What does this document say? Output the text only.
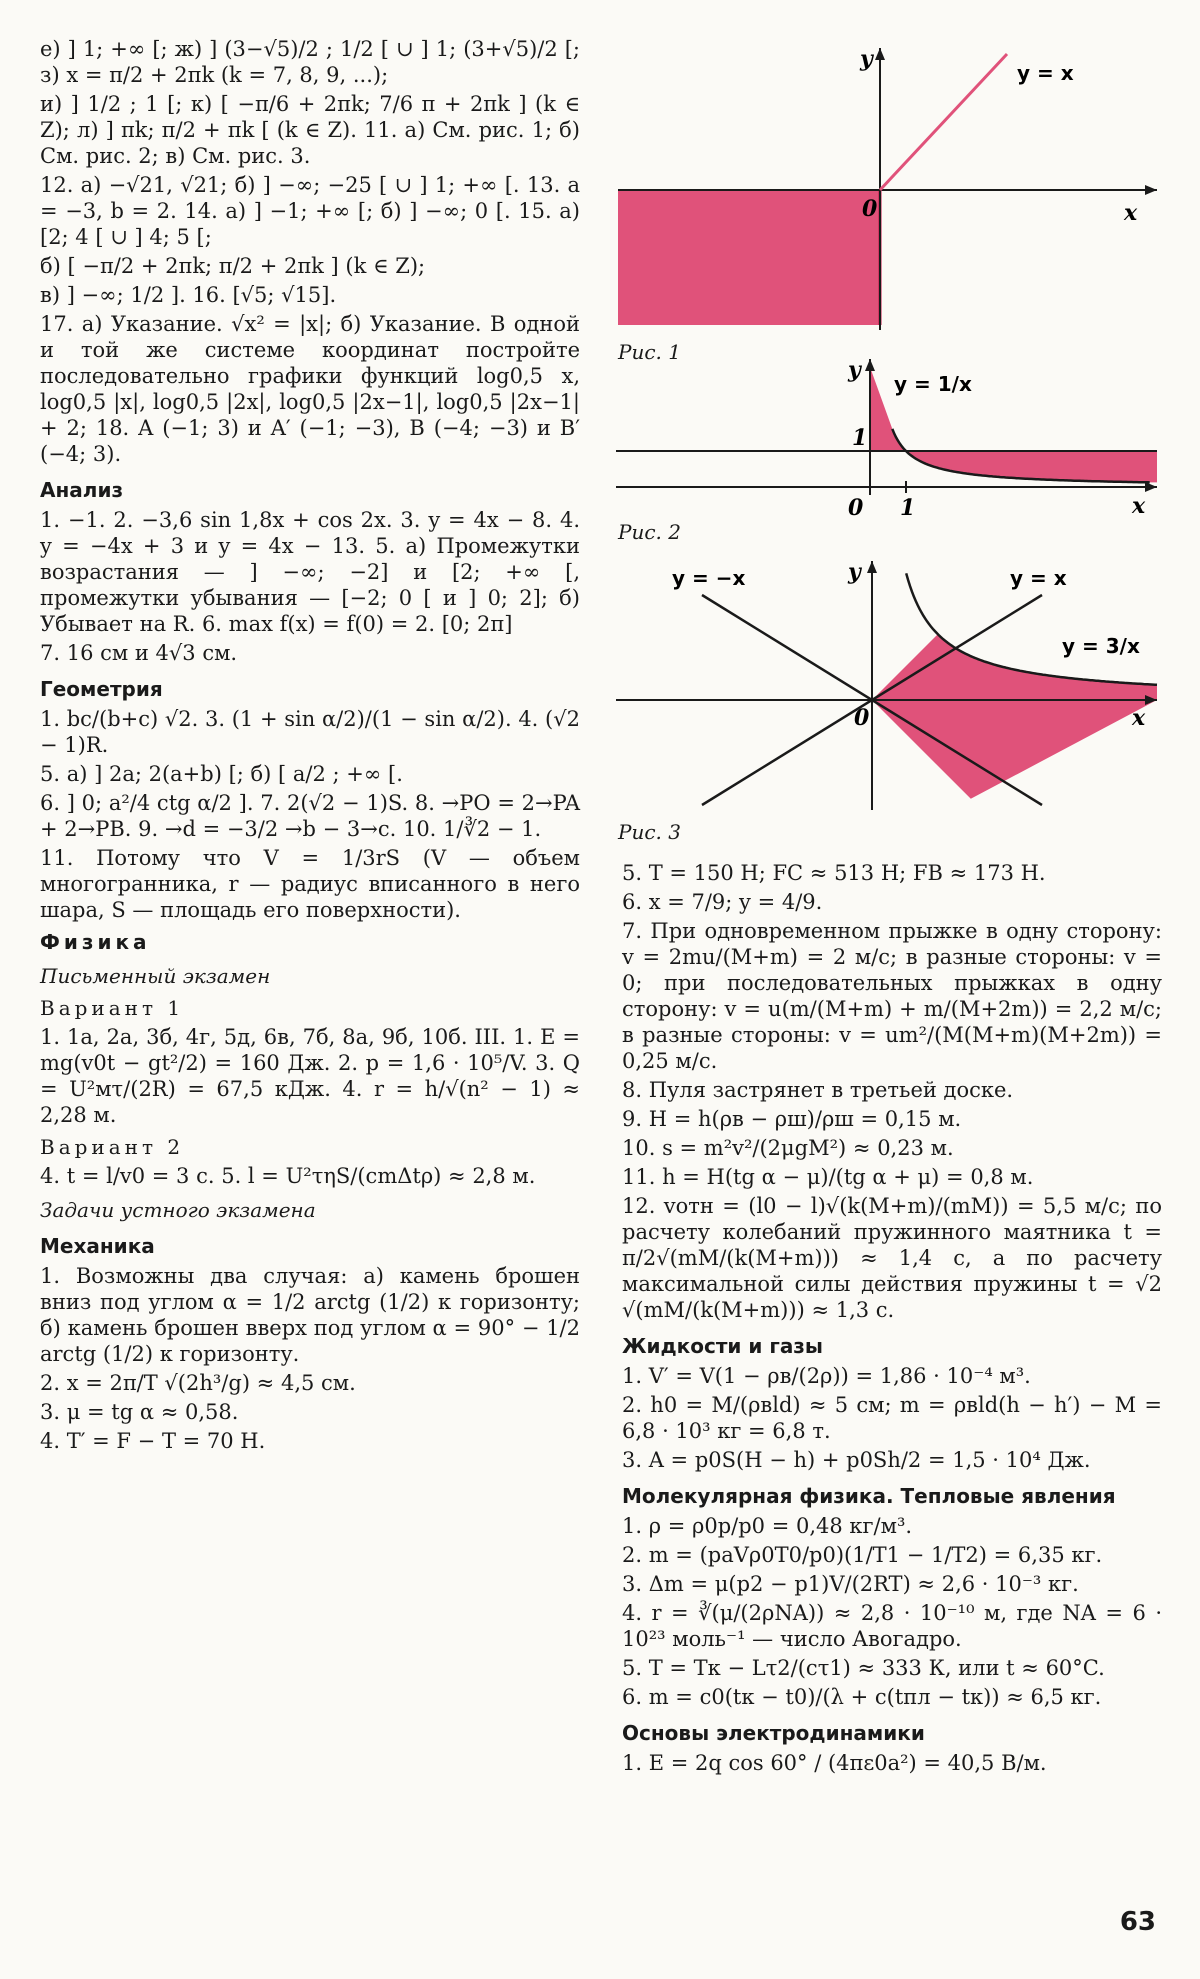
е) ] 1; +∞ [; ж) ] (3−√5)/2 ; 1/2 [ ∪ ] 1; (3+√5)/2 [; з) x = π/2 + 2πk (k = 7, 8, 9, ...);

и) ] 1/2 ; 1 [; к) [ −π/6 + 2πk; 7/6 π + 2πk ] (k ∈ Z); л) ] πk; π/2 + πk [ (k ∈ Z). 11. а) См. рис. 1; б) См. рис. 2; в) См. рис. 3.

12. а) −√21, √21; б) ] −∞; −25 [ ∪ ] 1; +∞ [. 13. a = −3, b = 2. 14. а) ] −1; +∞ [; б) ] −∞; 0 [. 15. а) [2; 4 [ ∪ ] 4; 5 [;

б) [ −π/2 + 2πk; π/2 + 2πk ] (k ∈ Z);

в) ] −∞; 1/2 ]. 16. [√5; √15].

17. а) Указание. √x² = |x|; б) Указание. В одной и той же системе координат постройте последовательно графики функций log0,5 x, log0,5 |x|, log0,5 |2x|, log0,5 |2x−1|, log0,5 |2x−1| + 2; 18. A (−1; 3) и A′ (−1; −3), B (−4; −3) и B′ (−4; 3).

Анализ

1. −1. 2. −3,6 sin 1,8x + cos 2x. 3. y = 4x − 8. 4. y = −4x + 3 и y = 4x − 13. 5. а) Промежутки возрастания — ] −∞; −2] и [2; +∞ [, промежутки убывания — [−2; 0 [ и ] 0; 2]; б) Убывает на R. 6. max f(x) = f(0) = 2. [0; 2π]

7. 16 см и 4√3 см.

Геометрия

1. bc/(b+c) √2. 3. (1 + sin α/2)/(1 − sin α/2). 4. (√2 − 1)R.

5. а) ] 2a; 2(a+b) [; б) [ a/2 ; +∞ [.

6. ] 0; a²/4 ctg α/2 ]. 7. 2(√2 − 1)S. 8. →PO = 2→PA + 2→PB. 9. →d = −3/2 →b − 3→c. 10. 1/∛2 − 1.

11. Потому что V = 1/3rS (V — объем многогранника, r — радиус вписанного в него шара, S — площадь его поверхности).

Физика
Письменный экзамен
Вариант 1

1. 1а, 2а, 3б, 4г, 5д, 6в, 7б, 8а, 9б, 10б. III. 1. E = mg(v0t − gt²/2) = 160 Дж. 2. p = 1,6 · 10⁵/V. 3. Q = U²мτ/(2R) = 67,5 кДж. 4. r = h/√(n² − 1) ≈ 2,28 м.

Вариант 2

4. t = l/v0 = 3 с. 5. l = U²τηS/(cmΔtρ) ≈ 2,8 м.

Задачи устного экзамена
Механика

1. Возможны два случая: а) камень брошен вниз под углом α = 1/2 arctg (1/2) к горизонту; б) камень брошен вверх под углом α = 90° − 1/2 arctg (1/2) к горизонту.

2. x = 2π/T √(2h³/g) ≈ 4,5 см.

3. μ = tg α ≈ 0,58.

4. T′ = F − T = 70 Н.

y
x
0
y = x
Рис. 1
y
x
0
1
1
y = 1/x
Рис. 2
y
x
0
y = −x	y = x
y = 3/x
Рис. 3

5. T = 150 Н; FC ≈ 513 Н; FB ≈ 173 Н.

6. x = 7/9; y = 4/9.

7. При одновременном прыжке в одну сторону: v = 2mu/(M+m) = 2 м/с; в разные стороны: v = 0; при последовательных прыжках в одну сторону: v = u(m/(M+m) + m/(M+2m)) = 2,2 м/с; в разные стороны: v = um²/(M(M+m)(M+2m)) = 0,25 м/с.

8. Пуля застрянет в третьей доске.

9. H = h(ρв − ρш)/ρш = 0,15 м.

10. s = m²v²/(2μgM²) ≈ 0,23 м.

11. h = H(tg α − μ)/(tg α + μ) = 0,8 м.

12. vотн = (l0 − l)√(k(M+m)/(mM)) = 5,5 м/с; по расчету колебаний пружинного маятника t = π/2√(mM/(k(M+m))) ≈ 1,4 с, а по расчету максимальной силы действия пружины t = √2 √(mM/(k(M+m))) ≈ 1,3 с.

Жидкости и газы

1. V′ = V(1 − ρв/(2ρ)) = 1,86 · 10⁻⁴ м³.

2. h0 = M/(ρвld) ≈ 5 см; m = ρвld(h − h′) − M = 6,8 · 10³ кг = 6,8 т.

3. A = p0S(H − h) + p0Sh/2 = 1,5 · 10⁴ Дж.

Молекулярная физика. Тепловые явления

1. ρ = ρ0p/p0 = 0,48 кг/м³.

2. m = (paVρ0T0/p0)(1/T1 − 1/T2) = 6,35 кг.

3. Δm = μ(p2 − p1)V/(2RT) ≈ 2,6 · 10⁻³ кг.

4. r = ∛(μ/(2ρNA)) ≈ 2,8 · 10⁻¹⁰ м, где NA = 6 · 10²³ моль⁻¹ — число Авогадро.

5. T = Tк − Lτ2/(cτ1) ≈ 333 К, или t ≈ 60°C.

6. m = c0(tк − t0)/(λ + c(tпл − tк)) ≈ 6,5 кг.

Основы электродинамики

1. E = 2q cos 60° / (4πε0a²) = 40,5 В/м.

63
